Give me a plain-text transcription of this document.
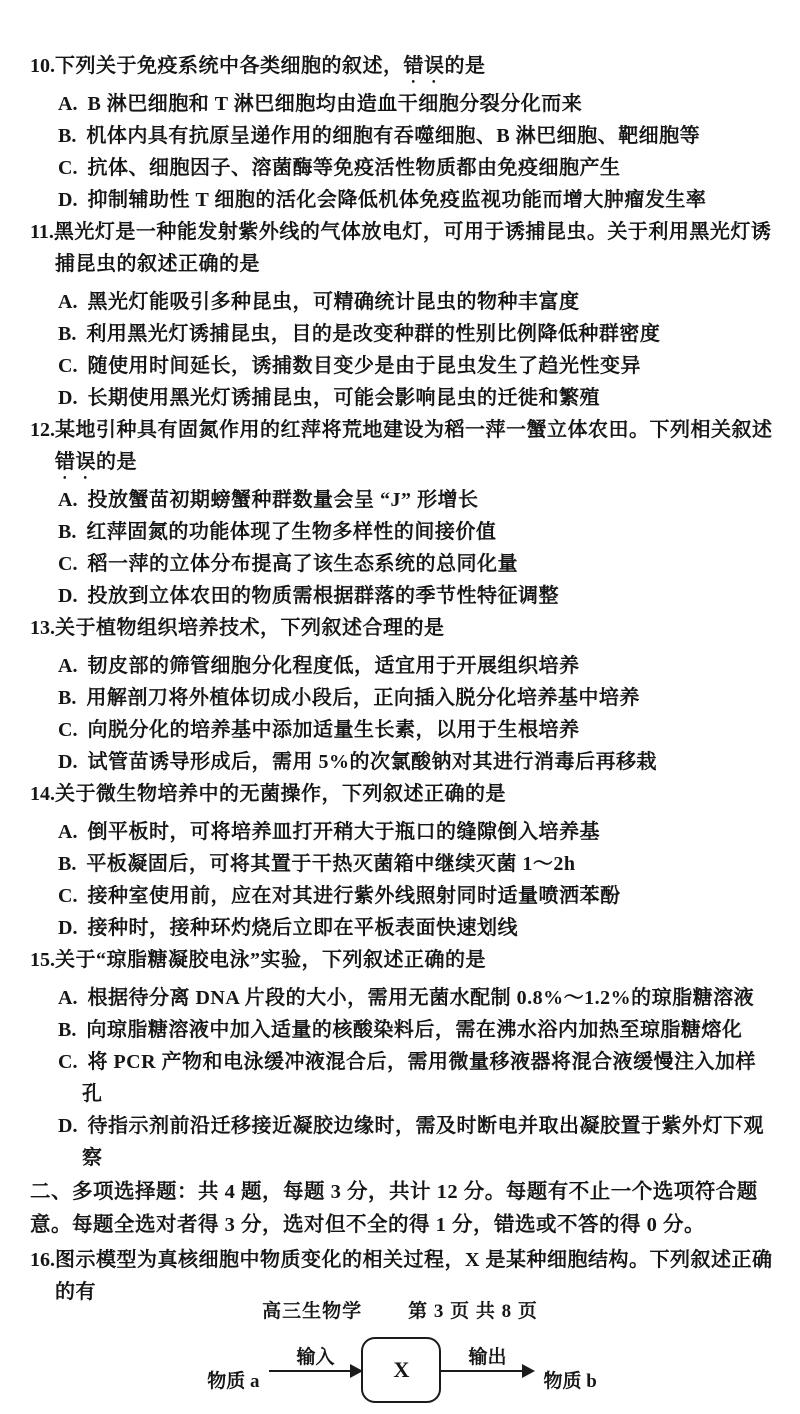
10.下列关于免疫系统中各类细胞的叙述，错误的是
A. B 淋巴细胞和 T 淋巴细胞均由造血干细胞分裂分化而来
B. 机体内具有抗原呈递作用的细胞有吞噬细胞、B 淋巴细胞、靶细胞等
C. 抗体、细胞因子、溶菌酶等免疫活性物质都由免疫细胞产生
D. 抑制辅助性 T 细胞的活化会降低机体免疫监视功能而增大肿瘤发生率
11.黑光灯是一种能发射紫外线的气体放电灯，可用于诱捕昆虫。关于利用黑光灯诱捕昆虫的叙述正确的是
A. 黑光灯能吸引多种昆虫，可精确统计昆虫的物种丰富度
B. 利用黑光灯诱捕昆虫，目的是改变种群的性别比例降低种群密度
C. 随使用时间延长，诱捕数目变少是由于昆虫发生了趋光性变异
D. 长期使用黑光灯诱捕昆虫，可能会影响昆虫的迁徙和繁殖
12.某地引种具有固氮作用的红萍将荒地建设为稻一萍一蟹立体农田。下列相关叙述错误的是
A. 投放蟹苗初期螃蟹种群数量会呈 “J” 形增长
B. 红萍固氮的功能体现了生物多样性的间接价值
C. 稻一萍的立体分布提高了该生态系统的总同化量
D. 投放到立体农田的物质需根据群落的季节性特征调整
13.关于植物组织培养技术，下列叙述合理的是
A. 韧皮部的筛管细胞分化程度低，适宜用于开展组织培养
B. 用解剖刀将外植体切成小段后，正向插入脱分化培养基中培养
C. 向脱分化的培养基中添加适量生长素，以用于生根培养
D. 试管苗诱导形成后，需用 5%的次氯酸钠对其进行消毒后再移栽
14.关于微生物培养中的无菌操作，下列叙述正确的是
A. 倒平板时，可将培养皿打开稍大于瓶口的缝隙倒入培养基
B. 平板凝固后，可将其置于干热灭菌箱中继续灭菌 1～2h
C. 接种室使用前，应在对其进行紫外线照射同时适量喷洒苯酚
D. 接种时，接种环灼烧后立即在平板表面快速划线
15.关于“琼脂糖凝胶电泳”实验，下列叙述正确的是
A. 根据待分离 DNA 片段的大小，需用无菌水配制 0.8%～1.2%的琼脂糖溶液
B. 向琼脂糖溶液中加入适量的核酸染料后，需在沸水浴内加热至琼脂糖熔化
C. 将 PCR 产物和电泳缓冲液混合后，需用微量移液器将混合液缓慢注入加样孔
D. 待指示剂前沿迁移接近凝胶边缘时，需及时断电并取出凝胶置于紫外灯下观察
二、多项选择题：共 4 题，每题 3 分，共计 12 分。每题有不止一个选项符合题意。每题全选对者得 3 分，选对但不全的得 1 分，错选或不答的得 0 分。
16.图示模型为真核细胞中物质变化的相关过程，X 是某种细胞结构。下列叙述正确的有
物质 a
输入	X	输出
物质 b
高三生物学 第 3 页 共 8 页
